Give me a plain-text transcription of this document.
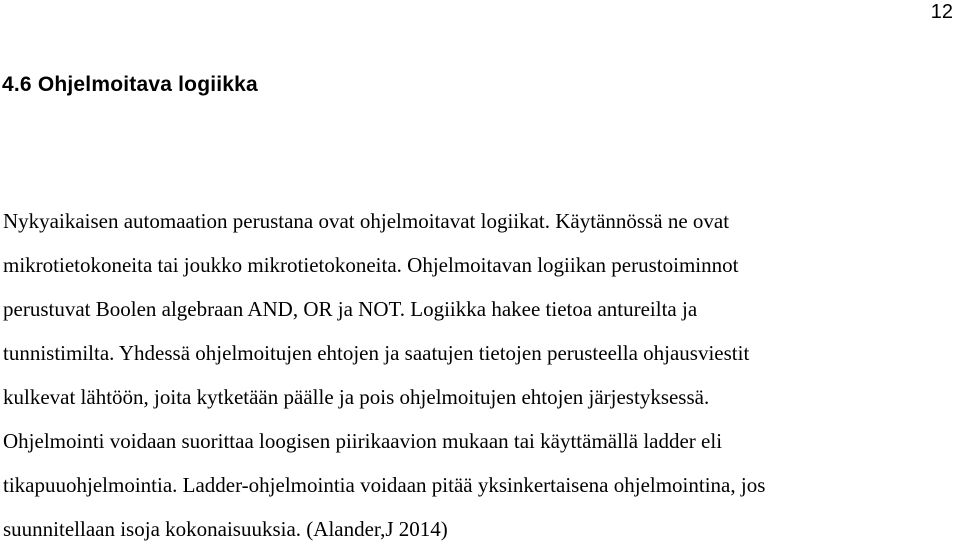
12
4.6 Ohjelmoitava logiikka

Nykyaikaisen automaation perustana ovat ohjelmoitavat logiikat. Käytännössä ne ovat

mikrotietokoneita tai joukko mikrotietokoneita. Ohjelmoitavan logiikan perustoiminnot

perustuvat Boolen algebraan AND, OR ja NOT. Logiikka hakee tietoa antureilta ja

tunnistimilta. Yhdessä ohjelmoitujen ehtojen ja saatujen tietojen perusteella ohjausviestit

kulkevat lähtöön, joita kytketään päälle ja pois ohjelmoitujen ehtojen järjestyksessä.

Ohjelmointi voidaan suorittaa loogisen piirikaavion mukaan tai käyttämällä ladder eli

tikapuuohjelmointia. Ladder-ohjelmointia voidaan pitää yksinkertaisena ohjelmointina, jos

suunnitellaan isoja kokonaisuuksia. (Alander,J 2014)
